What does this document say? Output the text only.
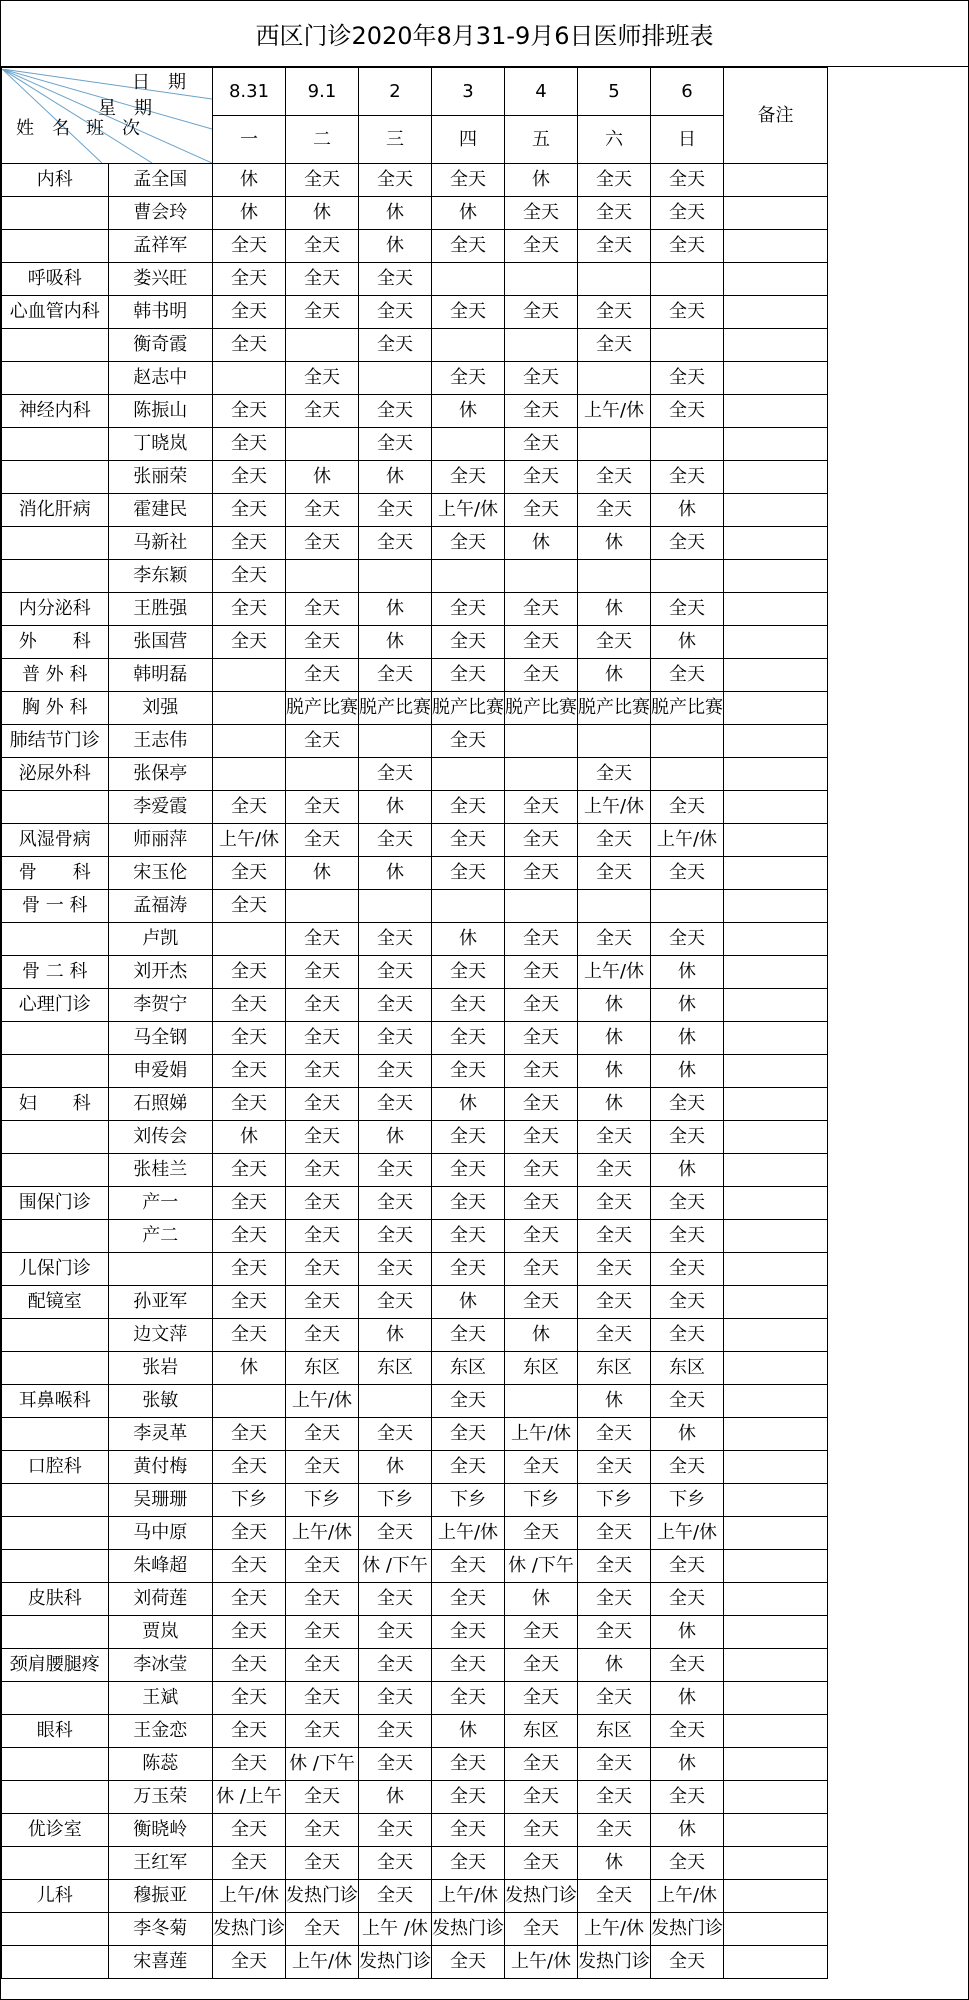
西区门诊2020年8月31-9月6日医师排班表
日　期
星　期
班　次
姓　名		8.31	9.1	2	3	4	5	6	备注
		一	二	三	四	五	六	日	
内科	孟全国	休	全天	全天	全天	休	全天	全天	
	曹会玲	休	休	休	休	全天	全天	全天	
	孟祥军	全天	全天	休	全天	全天	全天	全天	
呼吸科	娄兴旺	全天	全天	全天					
心血管内科	韩书明	全天	全天	全天	全天	全天	全天	全天	
	衡奇霞	全天		全天			全天		
	赵志中		全天		全天	全天		全天	
神经内科	陈振山	全天	全天	全天	休	全天	上午/休	全天	
	丁晓岚	全天		全天		全天			
	张丽荣	全天	休	休	全天	全天	全天	全天	
消化肝病	霍建民	全天	全天	全天	上午/休	全天	全天	休	
	马新社	全天	全天	全天	全天	休	休	全天	
	李东颖	全天							
内分泌科	王胜强	全天	全天	休	全天	全天	休	全天	
外　　科	张国营	全天	全天	休	全天	全天	全天	休	
普 外 科	韩明磊		全天	全天	全天	全天	休	全天	
胸 外 科	刘强		脱产比赛	脱产比赛	脱产比赛	脱产比赛	脱产比赛	脱产比赛	
肺结节门诊	王志伟		全天		全天				
泌尿外科	张保亭			全天			全天		
	李爱霞	全天	全天	休	全天	全天	上午/休	全天	
风湿骨病	师丽萍	上午/休	全天	全天	全天	全天	全天	上午/休	
骨　　科	宋玉伦	全天	休	休	全天	全天	全天	全天	
骨 一 科	孟福涛	全天							
	卢凯		全天	全天	休	全天	全天	全天	
骨 二 科	刘开杰	全天	全天	全天	全天	全天	上午/休	休	
心理门诊	李贺宁	全天	全天	全天	全天	全天	休	休	
	马全钢	全天	全天	全天	全天	全天	休	休	
	申爱娟	全天	全天	全天	全天	全天	休	休	
妇　　科	石照娣	全天	全天	全天	休	全天	休	全天	
	刘传会	休	全天	休	全天	全天	全天	全天	
	张桂兰	全天	全天	全天	全天	全天	全天	休	
围保门诊	产一	全天	全天	全天	全天	全天	全天	全天	
	产二	全天	全天	全天	全天	全天	全天	全天	
儿保门诊		全天	全天	全天	全天	全天	全天	全天	
配镜室	孙亚军	全天	全天	全天	休	全天	全天	全天	
	边文萍	全天	全天	休	全天	休	全天	全天	
	张岩	休	东区	东区	东区	东区	东区	东区	
耳鼻喉科	张敏		上午/休		全天		休	全天	
	李灵革	全天	全天	全天	全天	上午/休	全天	休	
口腔科	黄付梅	全天	全天	休	全天	全天	全天	全天	
	吴珊珊	下乡	下乡	下乡	下乡	下乡	下乡	下乡	
	马中原	全天	上午/休	全天	上午/休	全天	全天	上午/休	
	朱峰超	全天	全天	休 /下午	全天	休 /下午	全天	全天	
皮肤科	刘荷莲	全天	全天	全天	全天	休	全天	全天	
	贾岚	全天	全天	全天	全天	全天	全天	休	
颈肩腰腿疼	李冰莹	全天	全天	全天	全天	全天	休	全天	
	王斌	全天	全天	全天	全天	全天	全天	休	
眼科	王金恋	全天	全天	全天	休	东区	东区	全天	
	陈蕊	全天	休 /下午	全天	全天	全天	全天	休	
	万玉荣	休 /上午	全天	休	全天	全天	全天	全天	
优诊室	衡晓岭	全天	全天	全天	全天	全天	全天	休	
	王红军	全天	全天	全天	全天	全天	休	全天	
儿科	穆振亚	上午/休	发热门诊	全天	上午/休	发热门诊	全天	上午/休	
	李冬菊	发热门诊	全天	上午 /休	发热门诊	全天	上午/休	发热门诊	
	宋喜莲	全天	上午/休	发热门诊	全天	上午/休	发热门诊	全天	
